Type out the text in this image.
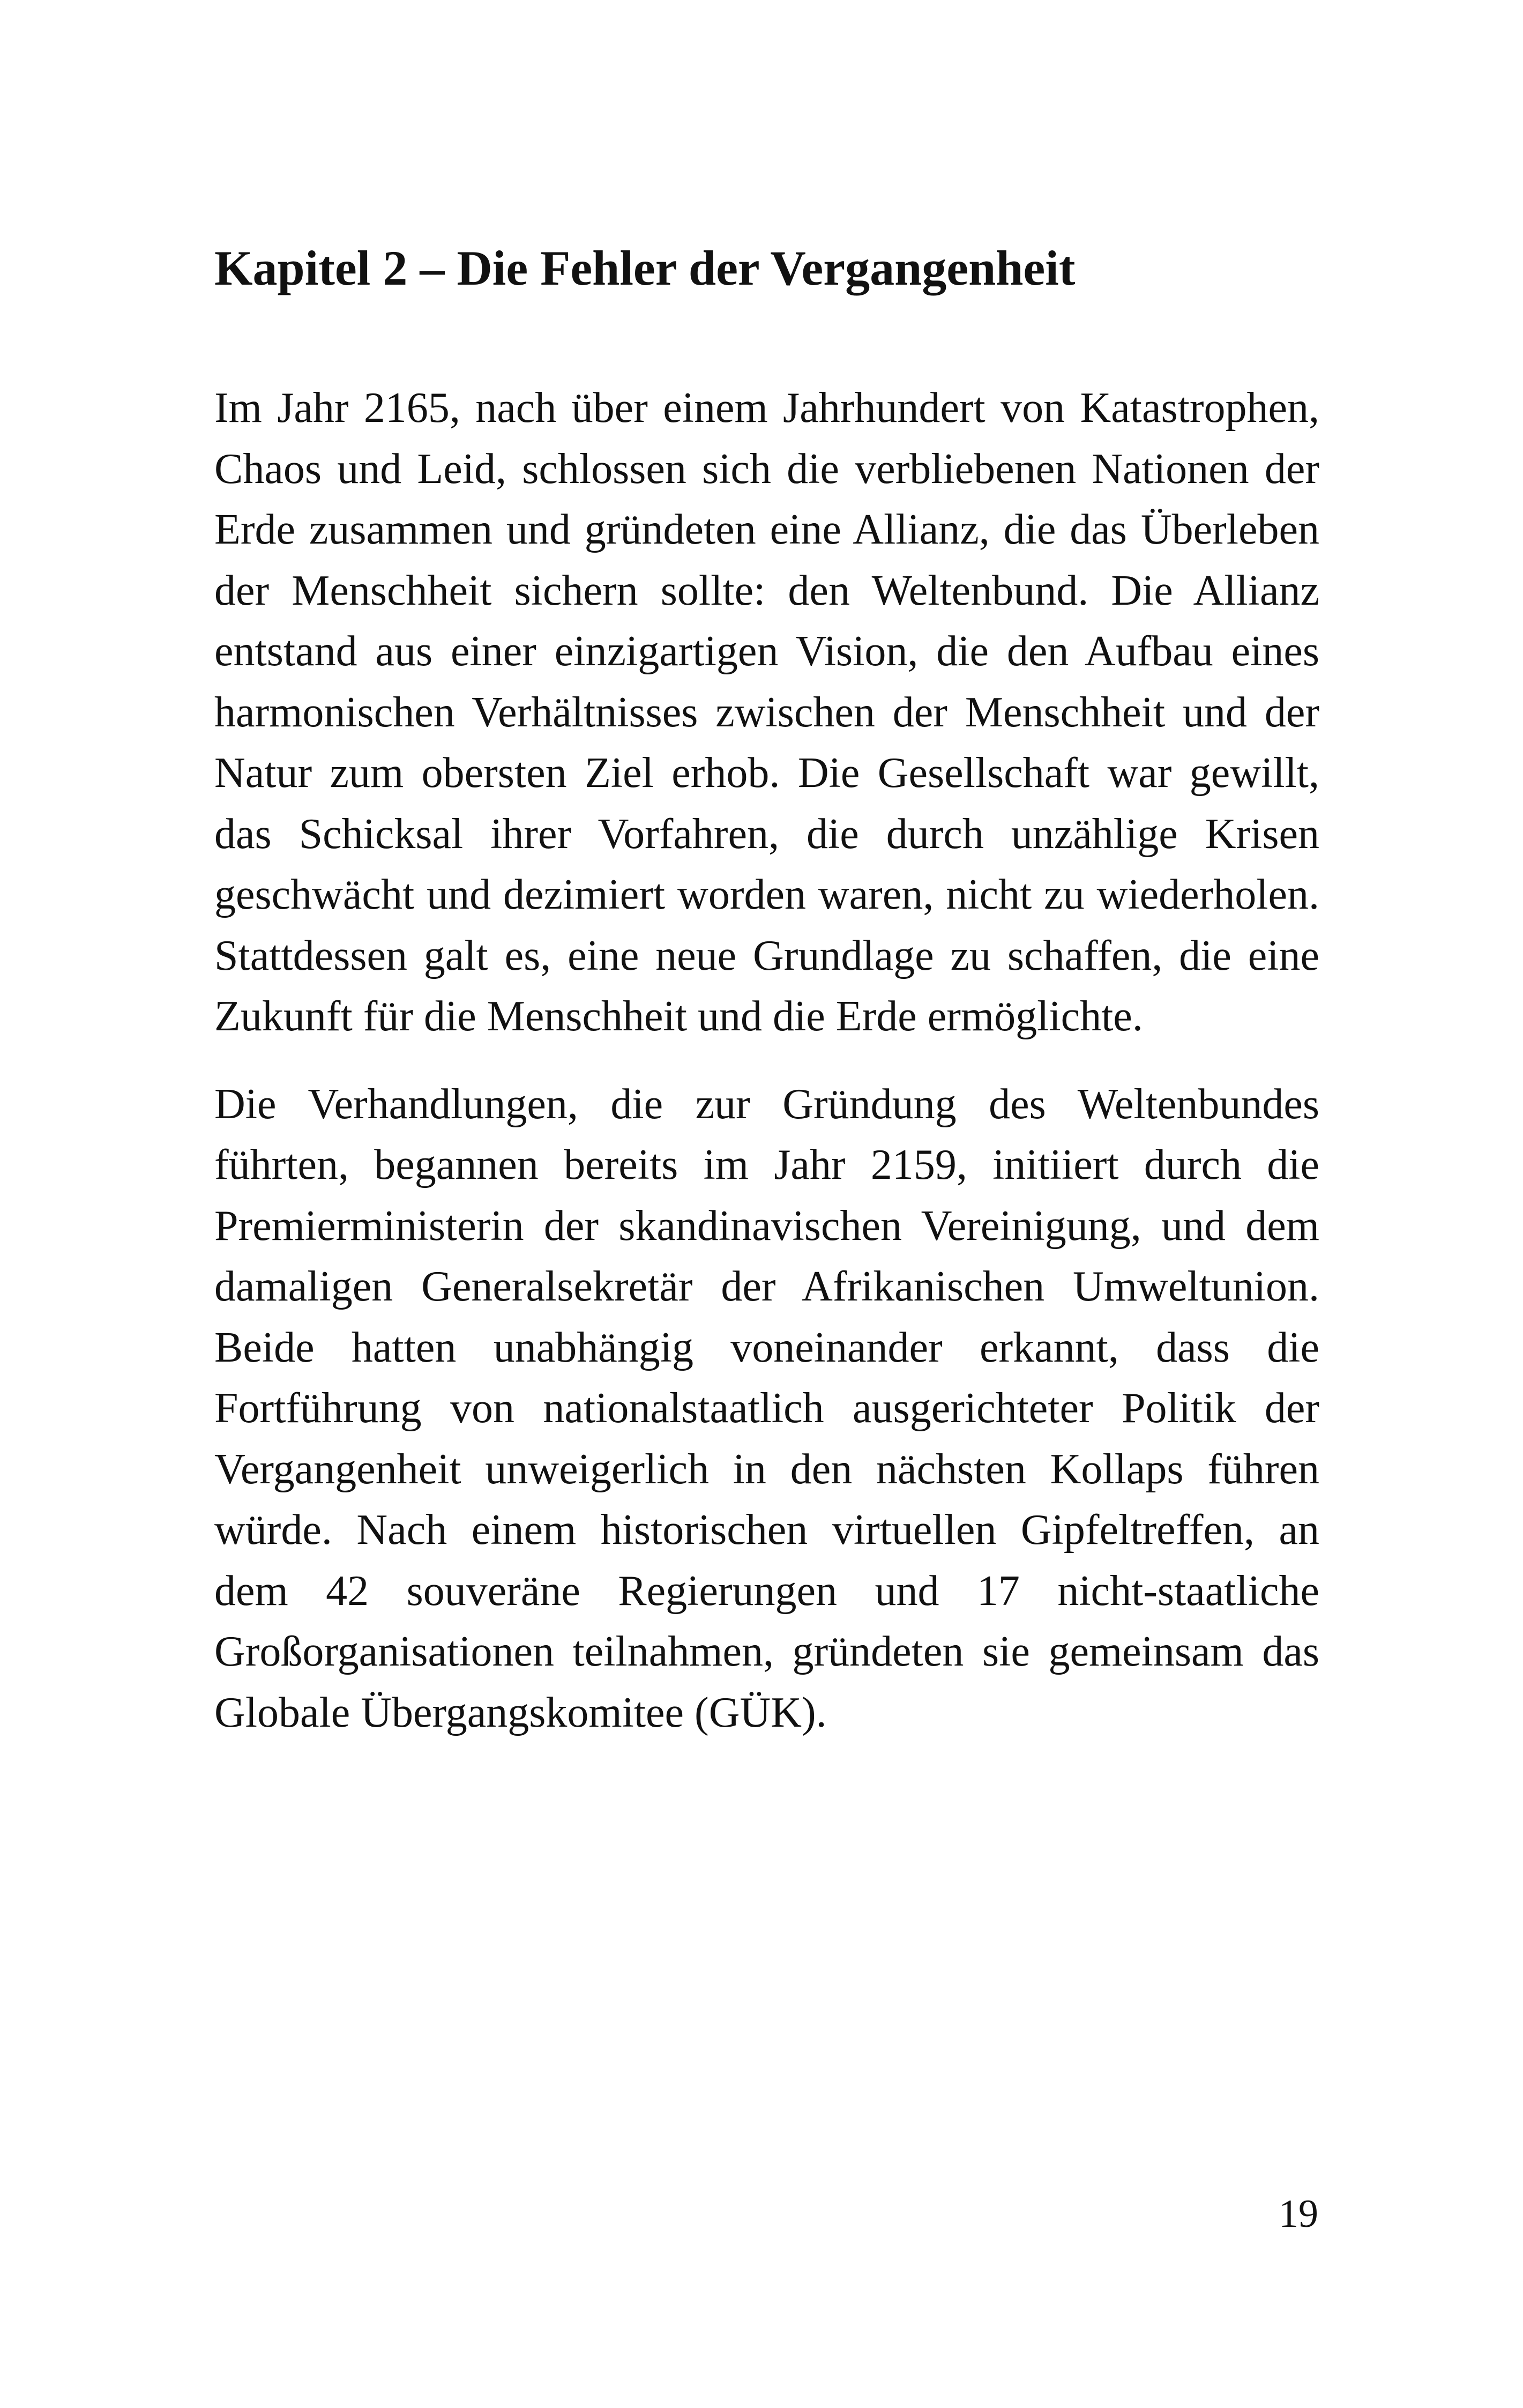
Kapitel 2 – Die Fehler der Vergangenheit

Im Jahr 2165, nach über einem Jahrhundert von Katastrophen, Chaos und Leid, schlossen sich die verbliebenen Nationen der Erde zusammen und gründeten eine Allianz, die das Überleben der Menschheit sichern sollte: den Weltenbund. Die Allianz entstand aus einer einzigartigen Vision, die den Aufbau eines harmonischen Verhältnisses zwischen der Menschheit und der Natur zum obersten Ziel erhob. Die Gesellschaft war gewillt, das Schicksal ihrer Vorfahren, die durch unzählige Krisen geschwächt und dezimiert worden waren, nicht zu wiederholen. Stattdessen galt es, eine neue Grundlage zu schaffen, die eine Zukunft für die Menschheit und die Erde ermöglichte.

Die Verhandlungen, die zur Gründung des Weltenbundes führten, begannen bereits im Jahr 2159, initiiert durch die Premierministerin der skandinavischen Vereinigung, und dem damaligen Generalsekretär der Afrikanischen Umweltunion. Beide hatten unabhängig voneinander erkannt, dass die Fortführung von nationalstaatlich ausgerichteter Politik der Vergangenheit unweigerlich in den nächsten Kollaps führen würde. Nach einem historischen virtuellen Gipfeltreffen, an dem 42 souveräne Regierungen und 17 nicht-staatliche Großorganisationen teilnahmen, gründeten sie gemeinsam das Globale Übergangskomitee (GÜK).

19
